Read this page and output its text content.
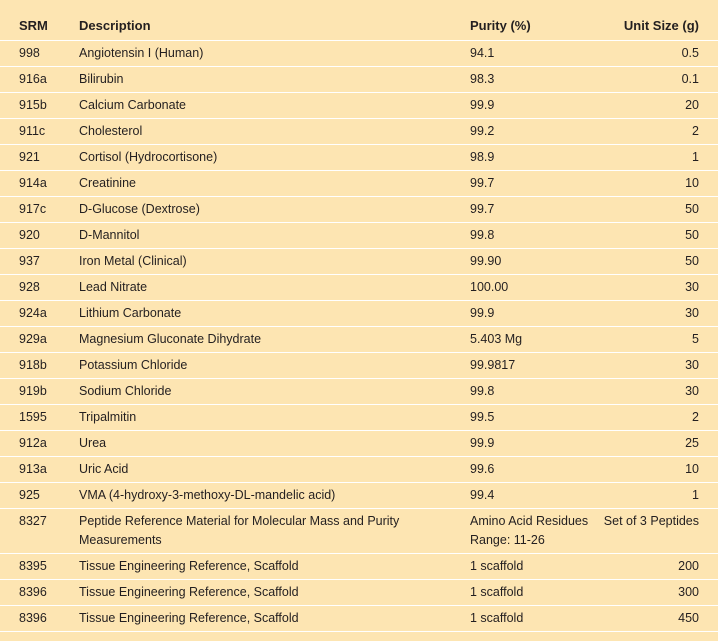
SRM	Description	Purity (%)	Unit Size (g)
998	Angiotensin I (Human)	94.1	0.5
916a	Bilirubin	98.3	0.1
915b	Calcium Carbonate	99.9	20
911c	Cholesterol	99.2	2
921	Cortisol (Hydrocortisone)	98.9	1
914a	Creatinine	99.7	10
917c	D-Glucose (Dextrose)	99.7	50
920	D-Mannitol	99.8	50
937	Iron Metal (Clinical)	99.90	50
928	Lead Nitrate	100.00	30
924a	Lithium Carbonate	99.9	30
929a	Magnesium Gluconate Dihydrate	5.403 Mg	5
918b	Potassium Chloride	99.9817	30
919b	Sodium Chloride	99.8	30
1595	Tripalmitin	99.5	2
912a	Urea	99.9	25
913a	Uric Acid	99.6	10
925	VMA (4-hydroxy-3-methoxy-DL-mandelic acid)	99.4	1
8327	Peptide Reference Material for Molecular Mass and Purity Measurements	Amino Acid Residues Range: 11-26	Set of 3 Peptides
8395	Tissue Engineering Reference, Scaffold	1 scaffold	200
8396	Tissue Engineering Reference, Scaffold	1 scaffold	300
8396	Tissue Engineering Reference, Scaffold	1 scaffold	450
